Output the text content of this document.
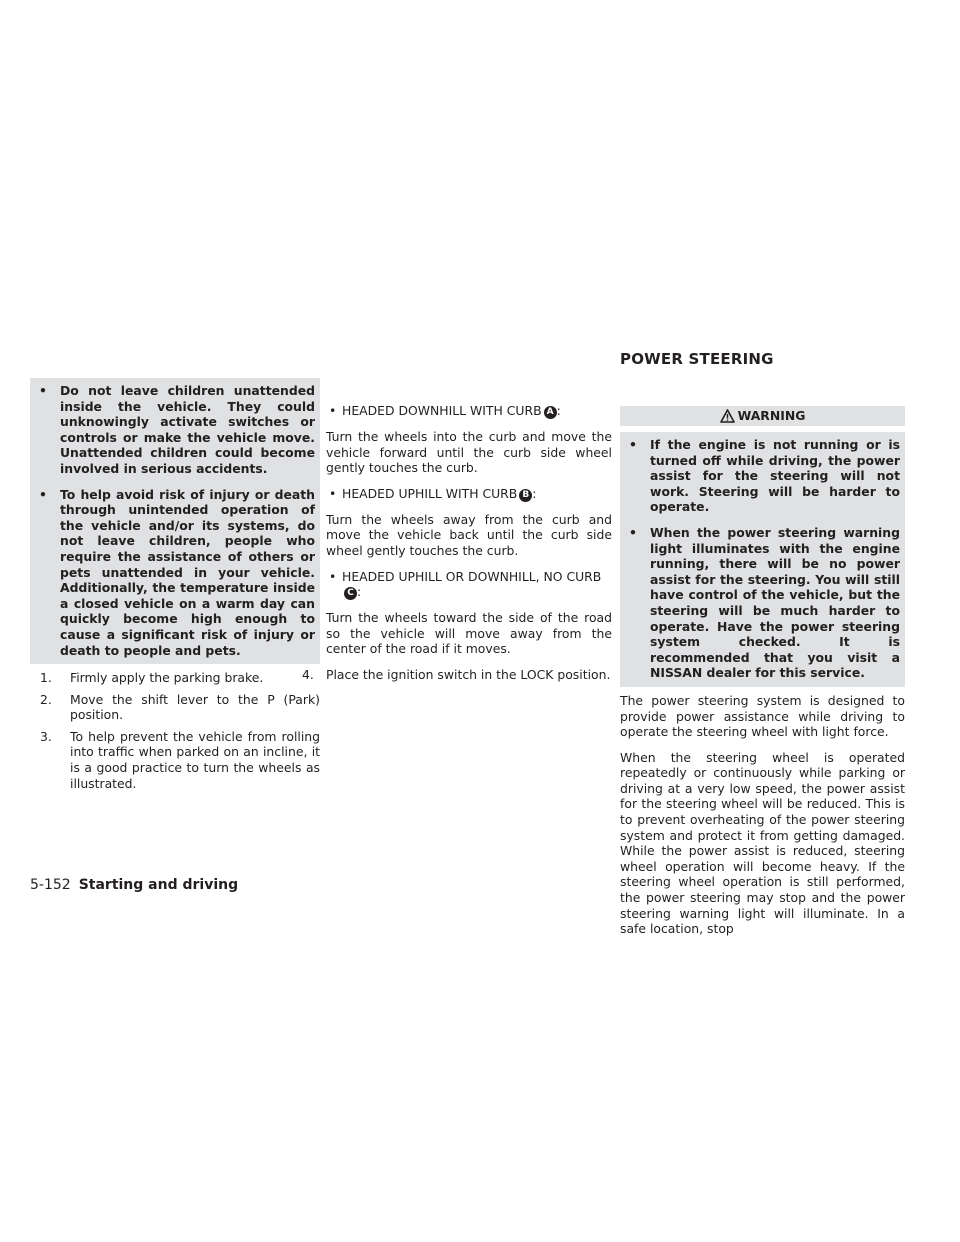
POWER STEERING
• Do not leave children unattended inside the vehicle. They could unknowingly activate switches or controls or make the vehicle move. Unattended children could become involved in serious accidents.
• To help avoid risk of injury or death through unintended operation of the vehicle and/or its systems, do not leave children, people who require the assistance of others or pets unattended in your vehicle. Additionally, the temperature inside a closed vehicle on a warm day can quickly become high enough to cause a significant risk of injury or death to people and pets.
1. Firmly apply the parking brake.
2. Move the shift lever to the P (Park) position.
3. To help prevent the vehicle from rolling into traffic when parked on an incline, it is a good practice to turn the wheels as illustrated.
• HEADED DOWNHILL WITH CURB A :
Turn the wheels into the curb and move the vehicle forward until the curb side wheel gently touches the curb.
• HEADED UPHILL WITH CURB B :
Turn the wheels away from the curb and move the vehicle back until the curb side wheel gently touches the curb.
• HEADED UPHILL OR DOWNHILL, NO CURBC :
Turn the wheels toward the side of the road so the vehicle will move away from the center of the road if it moves.
4. Place the ignition switch in the LOCK position.
WARNING
• If the engine is not running or is turned off while driving, the power assist for the steering will not work. Steering will be harder to operate.
• When the power steering warning light illuminates with the engine running, there will be no power assist for the steering. You will still have control of the vehicle, but the steering will be much harder to operate. Have the power steering system checked. It is recommended that you visit a NISSAN dealer for this service.
The power steering system is designed to provide power assistance while driving to operate the steering wheel with light force.
When the steering wheel is operated repeatedly or continuously while parking or driving at a very low speed, the power assist for the steering wheel will be reduced. This is to prevent overheating of the power steering system and protect it from getting damaged. While the power assist is reduced, steering wheel operation will become heavy. If the steering wheel operation is still performed, the power steering may stop and the power steering warning light will illuminate. In a safe location, stop
5-152 Starting and driving
